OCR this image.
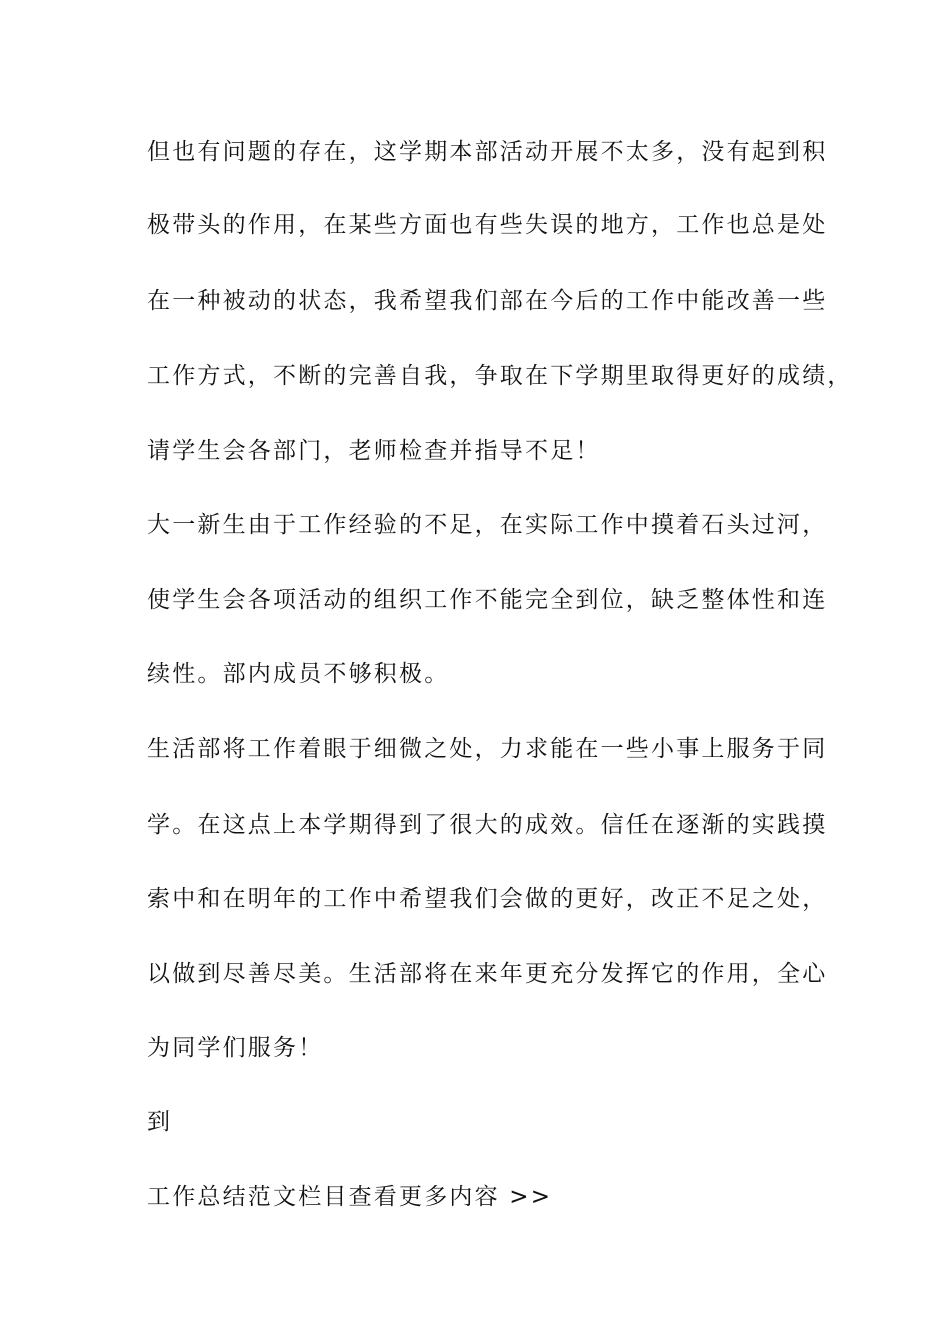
但也有问题的存在，这学期本部活动开展不太多，没有起到积
极带头的作用，在某些方面也有些失误的地方，工作也总是处
在一种被动的状态，我希望我们部在今后的工作中能改善一些
工作方式，不断的完善自我，争取在下学期里取得更好的成绩，
请学生会各部门，老师检查并指导不足！
大一新生由于工作经验的不足，在实际工作中摸着石头过河，
使学生会各项活动的组织工作不能完全到位，缺乏整体性和连
续性。部内成员不够积极。
生活部将工作着眼于细微之处，力求能在一些小事上服务于同
学。在这点上本学期得到了很大的成效。信任在逐渐的实践摸
索中和在明年的工作中希望我们会做的更好，改正不足之处，
以做到尽善尽美。生活部将在来年更充分发挥它的作用，全心
为同学们服务！
到
工作总结范文栏目查看更多内容 >>
